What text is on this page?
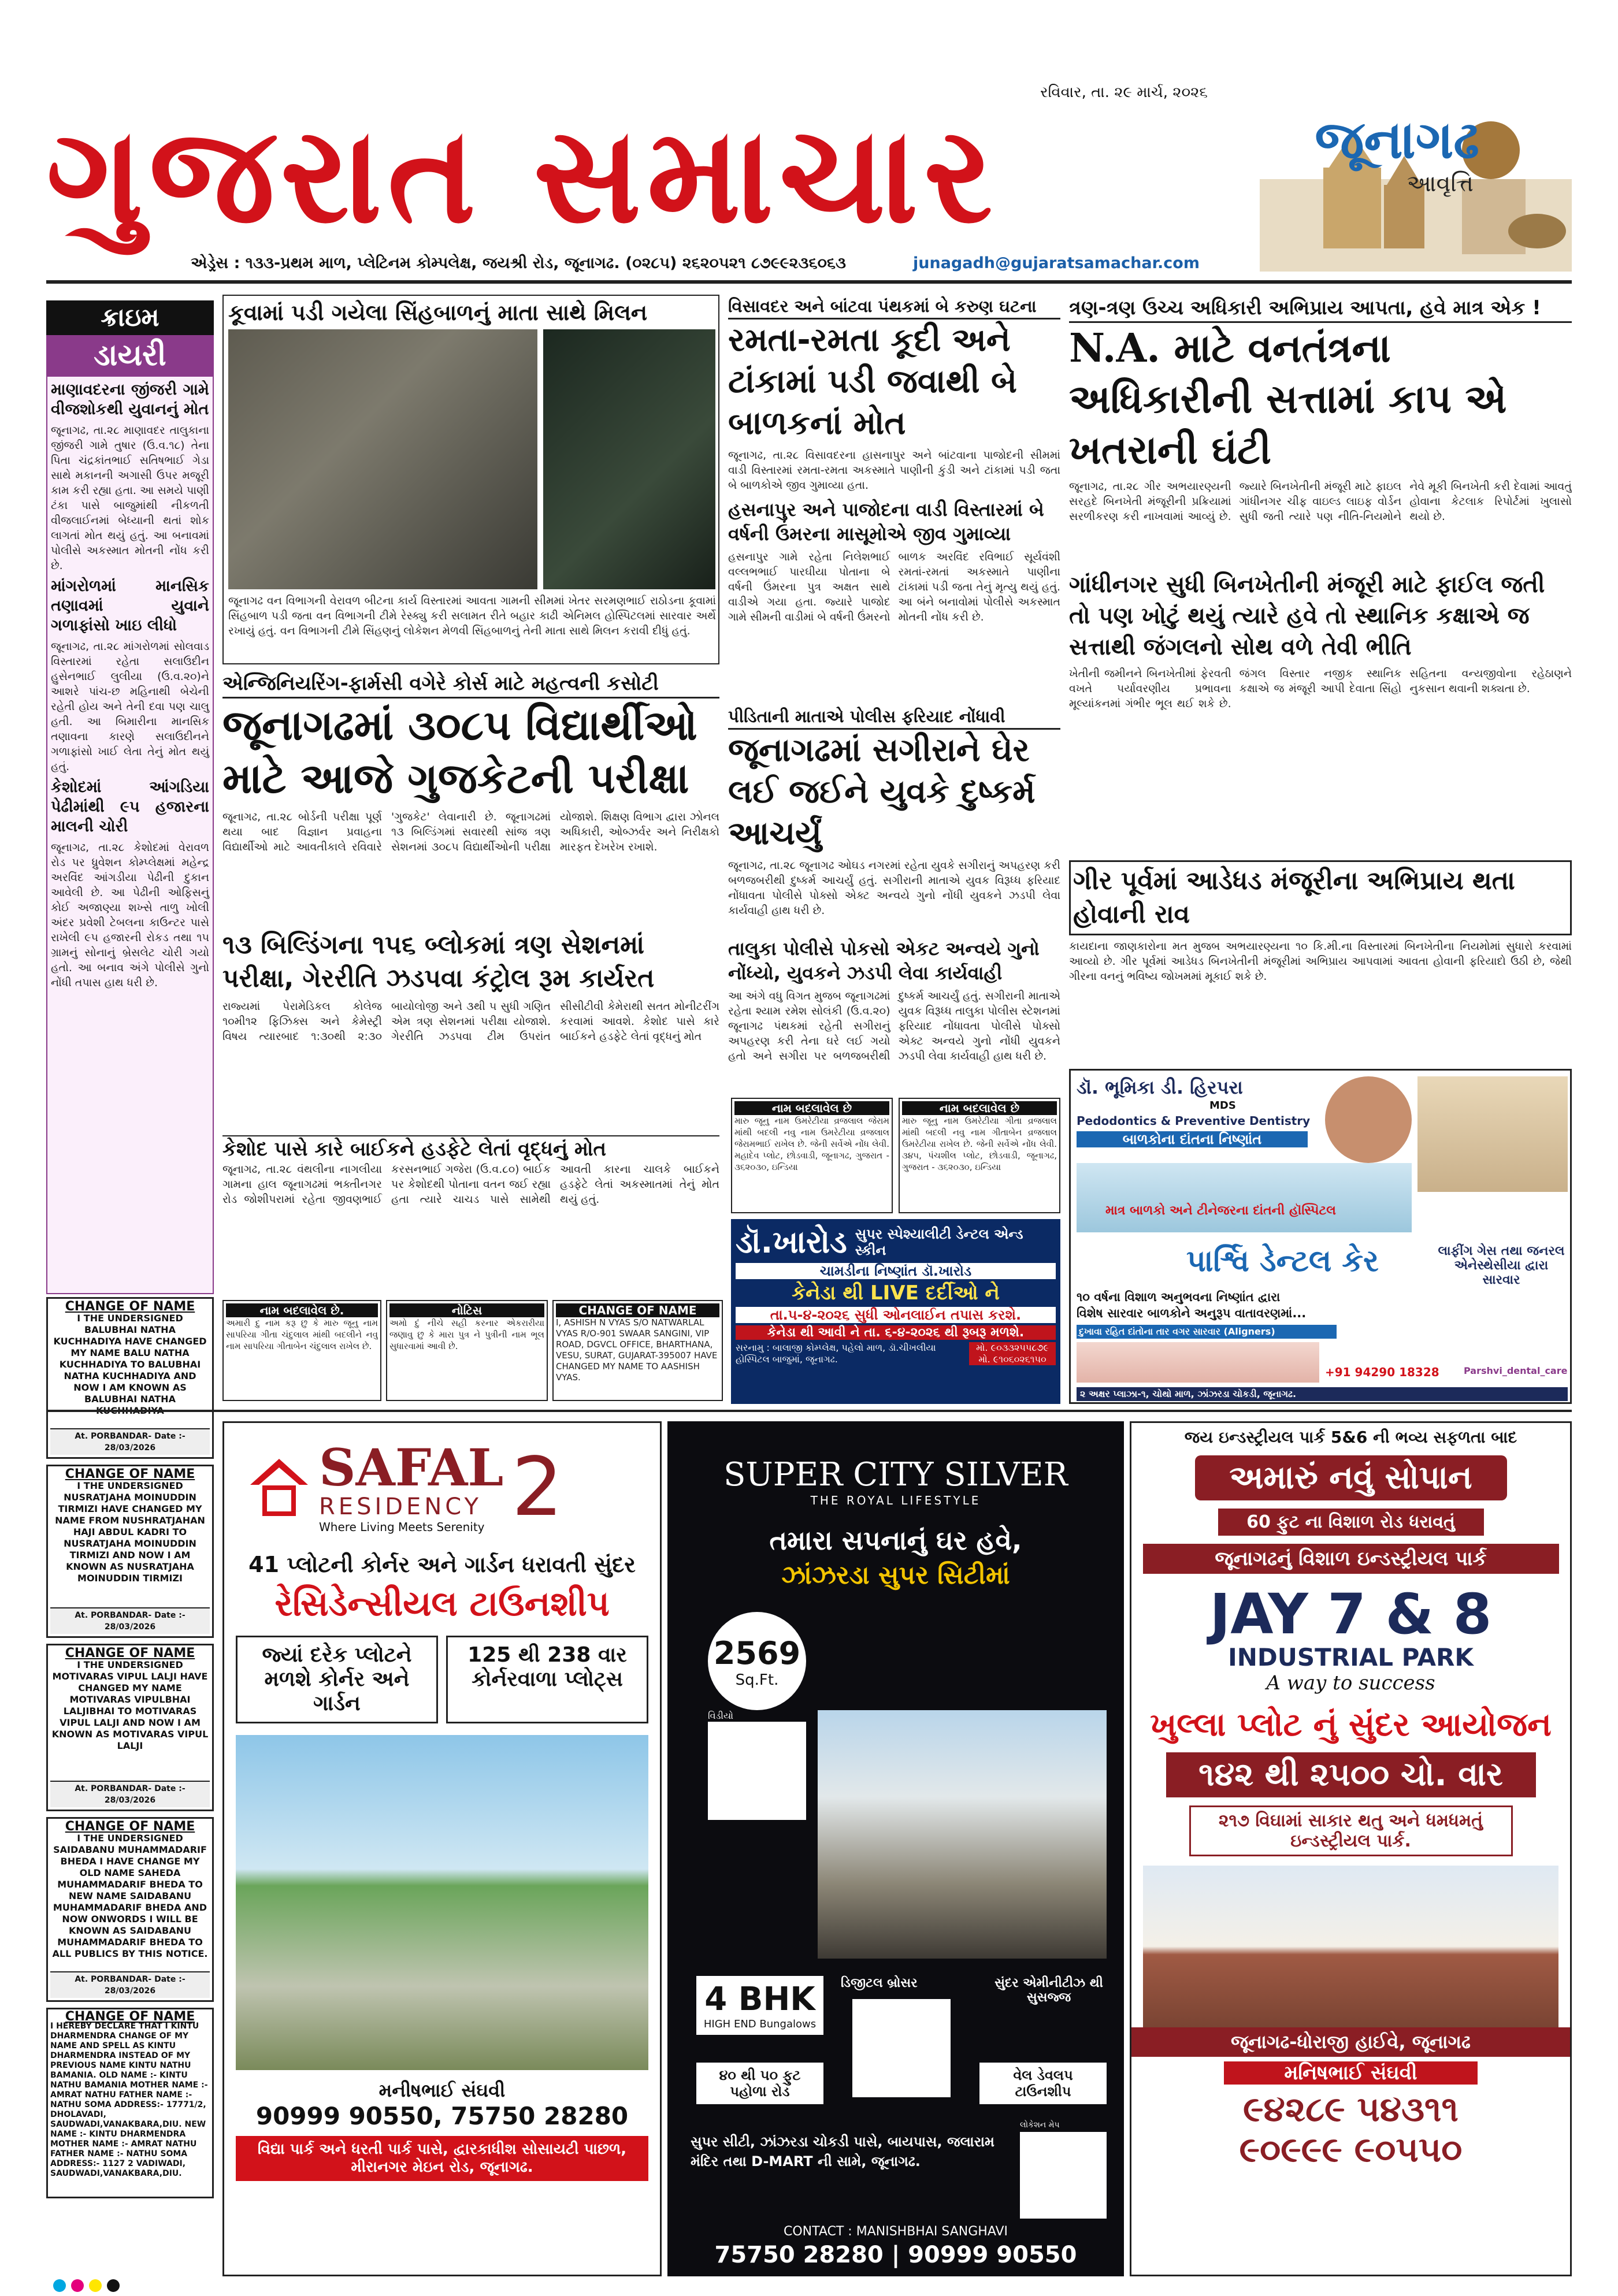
રવિવાર, તા. ૨૯ માર્ચ, ૨૦૨૬
ગુજરાત સમાચાર	જૂનાગઢ
આવૃત્તિ
એડ્રેસ : ૧૩૩-પ્રથમ માળ, પ્લેટિનમ કોમ્પલેક્ષ, જયશ્રી રોડ, જૂનાગઢ. (૦૨૮૫) ૨૬૨૦૫૨૧ ૮૭૯૯૨૩૬૦૬૩	junagadh@gujaratsamachar.com
ક્રાઇમ
ડાયરી
માણાવદરના જીંજરી ગામે વીજશોકથી યુવાનનું મોત
જૂનાગઢ, તા.૨૮ માણાવદર તાલુકાના જીંજરી ગામે તુષાર (ઉ.વ.૧૮) તેના પિતા ચંદ્રકાંતભાઈ સતિષભાઈ ગેડા સાથે મકાનની અગાસી ઉપર મજૂરી કામ કરી રહ્યા હતા. આ સમયે પાણી ટંકા પાસે બાજુમાંથી નીકળતી વીજલાઈનમાં બેધ્યાની થતાં શોક લાગતાં મોત થયું હતું. આ બનાવમાં પોલીસે અકસ્માત મોતની નોંધ કરી છે.
માંગરોળમાં માનસિક તણાવમાં યુવાને ગળાફાંસો ખાઇ લીધો
જૂનાગઢ, તા.૨૮ માંગરોળમાં સોલવાડ વિસ્તારમાં રહેતા સલાઉદીન હુસેનભાઈ લુલીયા (ઉ.વ.૨૦)ને આશરે પાંચ-છ મહિનાથી બેચેની રહેતી હોય અને તેની દવા પણ ચાલુ હતી. આ બિમારીના માનસિક તણાવના કારણે સલાઉદીનને ગળાફાંસો ખાઈ લેતા તેનું મોત થયું હતું.
કેશોદમાં આંગડિયા પેઢીમાંથી ૯૫ હજારના માલની ચોરી
જૂનાગઢ, તા.૨૮ કેશોદમાં વેરાવળ રોડ પર ધ્રુવેશન કોમ્પ્લેક્ષમાં મહેન્દ્ર અરવિંદ આંગડીયા પેઢીની દુકાન આવેલી છે. આ પેઢીની ઓફિસનું કોઈ અજાણ્યા શખ્સે તાળુ ખોલી અંદર પ્રવેશી ટેબલના કાઉન્ટર પાસે રાખેલી ૯૫ હજારની રોકડ તથા ૧૫ ગ્રામનું સોનાનું બ્રેસલેટ ચોરી ગયો હતો. આ બનાવ અંગે પોલીસે ગુનો નોંધી તપાસ હાથ ધરી છે.
CHANGE OF NAME
I THE UNDERSIGNED BALUBHAI NATHA KUCHHADIYA HAVE CHANGED MY NAME BALU NATHA KUCHHADIYA TO BALUBHAI NATHA KUCHHADIYA AND NOW I AM KNOWN AS BALUBHAI NATHA
At. PORBANDAR- Date :- 28/03/2026
CHANGE OF NAME
I THE UNDERSIGNED NUSRATJAHA MOINUDDIN TIRMIZI HAVE CHANGED MY NAME FROM NUSHRATJAHAN HAJI ABDUL KADRI TO NUSRATJAHA MOINUDDIN TIRMIZI AND NOW I AM KNOWN AS NUSRATJAHA MOINUDDIN TIRMIZI
At. PORBANDAR- Date :- 28/03/2026
CHANGE OF NAME
I THE UNDERSIGNED MOTIVARAS VIPUL LALJI HAVE CHANGED MY NAME MOTIVARAS VIPULBHAI LALJIBHAI TO MOTIVARAS VIPUL LALJI AND NOW I AM KNOWN AS MOTIVARAS VIPUL LALJI
At. PORBANDAR- Date :- 28/03/2026
CHANGE OF NAME
I THE UNDERSIGNED SAIDABANU MUHAMMADARIF BHEDA I HAVE CHANGE MY OLD NAME SAHEDA MUHAMMADARIF BHEDA TO NEW NAME SAIDABANU MUHAMMADARIF BHEDA AND NOW ONWORDS I WILL BE KNOWN AS SAIDABANU MUHAMMADARIF BHEDA TO ALL PUBLICS BY THIS NOTICE.
At. PORBANDAR- Date :- 28/03/2026
CHANGE OF NAME
I HEREBY DECLARE THAT I KINTU DHARMENDRA CHANGE OF MY NAME AND SPELL AS KINTU DHARMENDRA INSTEAD OF MY PREVIOUS NAME KINTU NATHU BAMANIA. OLD NAME :- KINTU NATHU BAMANIA MOTHER NAME :- AMRAT NATHU FATHER NAME :- NATHU SOMA ADDRESS:- 17771/2, DHOLAVADI, SAUDWADI,VANAKBARA,DIU. NEW NAME :- KINTU DHARMENDRA MOTHER NAME :- AMRAT NATHU FATHER NAME :- NATHU SOMA ADDRESS:- 1127 2 VADIWADI, SAUDWADI,VANAKBARA,DIU.
કૂવામાં પડી ગયેલા સિંહબાળનું માતા સાથે મિલન
જૂનાગઢ વન વિભાગની વેરાવળ બીટના કાર્ય વિસ્તારમાં આવતા ગામની સીમમાં ખેતર સરમણભાઈ રાઠોડના કૂવામાં સિંહબાળ પડી જતા વન વિભાગની ટીમે રેસ્ક્યુ કરી સલામત રીતે બહાર કાઢી એનિમલ હોસ્પિટલમાં સારવાર અર્થે રખાયું હતું. વન વિભાગની ટીમે સિંહણનું લોકેશન મેળવી સિંહબાળનું તેની માતા સાથે મિલન કરાવી દીધું હતું.
એન્જિનિયરિંગ-ફાર્મસી વગેરે કોર્સ માટે મહત્વની કસોટી
જૂનાગઢમાં ૩૦૮૫ વિદ્યાર્થીઓ
માટે આજે ગુજકેટની પરીક્ષા
જૂનાગઢ, તા.૨૮ બોર્ડની પરીક્ષા પૂર્ણ થયા બાદ વિજ્ઞાન પ્રવાહના વિદ્યાર્થીઓ માટે આવતીકાલે રવિવારે 'ગુજકેટ' લેવાનારી છે. જૂનાગઢમાં ૧૩ બિલ્ડિંગમાં સવારથી સાંજ ત્રણ સેશનમાં ૩૦૮૫ વિદ્યાર્થીઓની પરીક્ષા યોજાશે. શિક્ષણ વિભાગ દ્વારા ઝોનલ અધિકારી, ઓબ્ઝર્વર અને નિરીક્ષકો મારફત દેખરેખ રખાશે.
૧૩ બિલ્ડિંગના ૧૫૬ બ્લોકમાં ત્રણ સેશનમાં પરીક્ષા, ગેરરીતિ ઝડપવા કંટ્રોલ રૂમ કાર્યરત
રાજ્યમાં પેરામેડિકલ કોલેજ ૧૦મી૧૨ ફિઝિક્સ અને કેમેસ્ટ્રી વિષય ત્યારબાદ ૧:૩૦થી ૨:૩૦ બાયોલોજી અને ૩થી ૫ સુધી ગણિત એમ ત્રણ સેશનમાં પરીક્ષા યોજાશે. ગેરરીતિ ઝડપવા ટીમ ઉપરાંત સીસીટીવી કેમેરાથી સતત મોનીટરીંગ કરવામાં આવશે. કેશોદ પાસે કારે બાઈકને હડફેટે લેતાં વૃદ્ધનું મોત
કેશોદ પાસે કારે બાઈકને હડફેટે લેતાં વૃદ્ધનું મોત
જૂનાગઢ, તા.૨૮ વંથલીના નાગલીયા ગામના હાલ જૂનાગઢમાં ભક્તીનગર રોડ જોશીપરામાં રહેતા જીવણભાઈ કરસનભાઈ ગજેરા (ઉ.વ.૮૦) બાઈક પર કેશોદથી પોતાના વતન જઈ રહ્યા હતા ત્યારે ચાચડ પાસે સામેથી આવતી કારના ચાલકે બાઈકને હડફેટે લેતાં અકસ્માતમાં તેનું મોત થયું હતું.
વિસાવદર અને બાંટવા પંથકમાં બે કરુણ ઘટના
રમતા-રમતા કૂદી અને ટાંકામાં પડી જવાથી બે બાળકનાં મોત
જૂનાગઢ, તા.૨૮ વિસાવદરના હાસનાપુર અને બાંટવાના પાજોદની સીમમાં વાડી વિસ્તારમાં રમતા-રમતા અકસ્માતે પાણીની કુંડી અને ટાંકામાં પડી જતા બે બાળકોએ જીવ ગુમાવ્યા હતા.
હસનાપુર અને પાજોદના વાડી વિસ્તારમાં બે વર્ષની ઉંમરના માસૂમોએ જીવ ગુમાવ્યા
હસનાપુર ગામે રહેતા નિલેશભાઈ વલ્લભભાઈ પારઘીયા પોતાના બે વર્ષની ઉંમરના પુત્ર અક્ષત સાથે વાડીએ ગયા હતા. જ્યારે પાજોદ ગામે સીમની વાડીમાં બે વર્ષની ઉંમરનો બાળક અરવિંદ રવિભાઈ સૂર્યવંશી રમતાં-રમતાં અકસ્માતે પાણીના ટાંકામાં પડી જતા તેનું મૃત્યુ થયું હતું. આ બંને બનાવોમાં પોલીસે અકસ્માત મોતની નોંધ કરી છે.
પીડિતાની માતાએ પોલીસ ફરિયાદ નોંધાવી
જૂનાગઢમાં સગીરાને ઘેર લઈ જઈને યુવકે દુષ્કર્મ આચર્યું
જૂનાગઢ, તા.૨૮ જૂનાગઢ ઓઘડ નગરમાં રહેતા યુવકે સગીરાનું અપહરણ કરી બળજબરીથી દુષ્કર્મ આચર્યું હતું. સગીરાની માતાએ યુવક વિરૂધ્ધ ફરિયાદ નોંધાવતા પોલીસે પોક્સો એક્ટ અન્વયે ગુનો નોંધી યુવકને ઝડપી લેવા કાર્યવાહી હાથ ધરી છે.
તાલુકા પોલીસે પોકસો એકટ અન્વયે ગુનો નોંધ્યો, યુવકને ઝડપી લેવા કાર્યવાહી
આ અંગે વધુ વિગત મુજબ જૂનાગઢમાં રહેતા શ્યામ રમેશ સોલંકી (ઉ.વ.૨૦) જૂનાગઢ પંથકમાં રહેતી સગીરાનું અપહરણ કરી તેના ઘરે લઈ ગયો હતો અને સગીરા પર બળજબરીથી દુષ્કર્મ આચર્યું હતું. સગીરાની માતાએ યુવક વિરૂધ્ધ તાલુકા પોલીસ સ્ટેશનમાં ફરિયાદ નોંધાવતા પોલીસે પોક્સો એક્ટ અન્વયે ગુનો નોંધી યુવકને ઝડપી લેવા કાર્યવાહી હાથ ધરી છે.
નામ બદલાવેલ છે
મારુ જૂનુ નામ ઉમરેટીયા વ્રજલાલ જેરામ માંથી બદલી નવુ નામ ઉમરેટીયા વ્રજલાલ જેરામભાઈ રાખેલ છે. જેની સર્વેએ નોંધ લેવી. મહાદેવ પ્લોટ, છોડવાડી, જૂનાગઢ, ગુજરાત - ૩૬૨૦૩૦, ઇન્ડિયા
નામ બદલાવેલ છે
મારુ જૂનુ નામ ઉમરેટીયા ગીતા વ્રજલાલ માંથી બદલી નવુ નામ ગીતાબેન વ્રજલાલ ઉમરેટીયા રાખેલ છે. જેની સર્વેએ નોંધ લેવી. ૩૪૫, પંચશીલ પ્લોટ, છોડવાડી, જૂનાગઢ, ગુજરાત - ૩૬૨૦૩૦, ઇન્ડિયા
ડૉ.ખારોડ સુપર સ્પેશ્યાલીટી ડેન્ટલ એન્ડ સ્કીન
ચામડીના નિષ્ણાંત ડૉ.ખારોડ
કેનેડા થી LIVE દર્દીઓ ને
તા.૫-૪-૨૦૨૬ સુધી ઓનલાઈન તપાસ કરશે.
કેનેડા થી આવી ને તા. ૬-૪-૨૦૨૬ થી રૂબરૂ મળશે.
સરનામુ : બાલાજી કોમ્પ્લેક્ષ, પહેલો માળ, ડૉ.ચીખલીયા હોસ્પિટલ બાજુમાં, જૂનાગઢ.
મો. ૯૦૩૩૨૫૫૮૭૯
મો. ૯૧૦૬૦૨૬૧૫૦
નામ બદલાવેલ છે.
અમારી દુ નામ કરૂ છુ કે મારુ જૂનુ નામ સાપરિયા ગીતા ચંદુલાલ માંથી બદલીને નવુ નામ સાપરિયા ગીતાબેન ચંદુલાલ રાખેલ છે.
નોટિસ
અમો દું નીચે સહી કરનાર એકરારીયા જણાવુ છુ કે મારા પુત્ર ને પુત્રીની નામ ભૂલ સુધારવામાં આવી છે.
CHANGE OF NAME
I, ASHISH N VYAS S/O NATWARLAL VYAS R/O-901 SWAAR SANGINI, VIP ROAD, DGVCL OFFICE, BHARTHANA, VESU, SURAT, GUJARAT-395007 HAVE CHANGED MY NAME TO AASHISH VYAS.
ત્રણ-ત્રણ ઉચ્ચ અધિકારી અભિપ્રાય આપતા, હવે માત્ર એક !
N.A. માટે વનતંત્રના અધિકારીની સત્તામાં કાપ એ ખતરાની ઘંટી
જૂનાગઢ, તા.૨૮ ગીર અભયારણ્યની સરહદે બિનખેતી મંજૂરીની પ્રક્રિયામાં સરળીકરણ કરી નાખવામાં આવ્યું છે. જ્યારે બિનખેતીની મંજૂરી માટે ફાઇલ ગાંધીનગર ચીફ વાઇલ્ડ લાઇફ વોર્ડન સુધી જતી ત્યારે પણ નીતિ-નિયમોને નેવે મૂકી બિનખેતી કરી દેવામાં આવતું હોવાના કેટલાક રિપોર્ટમાં ખુલાસો થયો છે.
ગાંધીનગર સુધી બિનખેતીની મંજૂરી માટે ફાઈલ જતી તો પણ ખોટું થયું ત્યારે હવે તો સ્થાનિક કક્ષાએ જ સત્તાથી જંગલનો સોથ વળે તેવી ભીતિ
ખેતીની જમીનને બિનખેતીમાં ફેરવતી વખતે પર્યાવરણીય પ્રભાવના મૂલ્યાંકનમાં ગંભીર ભૂલ થઈ શકે છે. જંગલ વિસ્તાર નજીક સ્થાનિક કક્ષાએ જ મંજૂરી આપી દેવાતા સિંહો સહિતના વન્યજીવોના રહેઠાણને નુકસાન થવાની શક્યતા છે.
ગીર પૂર્વમાં આડેધડ મંજૂરીના અભિપ્રાય થતા હોવાની રાવ
કાયદાના જાણકારોના મત મુજબ અભયારણ્યના ૧૦ કિ.મી.ના વિસ્તારમાં બિનખેતીના નિયમોમાં સુધારો કરવામાં આવ્યો છે. ગીર પૂર્વમાં આડેધડ બિનખેતીની મંજૂરીમાં અભિપ્રાય આપવામાં આવતા હોવાની ફરિયાદો ઉઠી છે, જેથી ગીરના વનનું ભવિષ્ય જોખમમાં મૂકાઈ શકે છે.
ડૉ. ભૂમિકા ડી. હિરપરા
MDS
Pedodontics & Preventive Dentistry
બાળકોના દાંતના નિષ્ણાંત
માત્ર બાળકો અને ટીનેજરના દાંતની હૉસ્પિટલ
પાર્શ્વિ ડેન્ટલ કેર	લાફીંગ ગેસ તથા જનરલ એનેસ્થેસીયા દ્વારા સારવાર
૧૦ વર્ષના વિશાળ અનુભવના નિષ્ણાંત દ્વારા
વિશેષ સારવાર બાળકોને અનુરૂપ વાતાવરણમાં...
દુખાવા રહિત દાંતોના તાર વગર સારવાર (Aligners)
૨ અક્ષર પ્લાઝા-૧, ચોથો માળ, ઝાંઝરડા ચોકડી, જૂનાગઢ.
+91 94290 18328	Parshvi_dental_care
SAFAL
RESIDENCY
Where Living Meets Serenity 2
41 પ્લોટની કોર્નર અને ગાર્ડન ધરાવતી સુંદર
રેસિડેન્સીયલ ટાઉનશીપ
જ્યાં દરેક પ્લોટને મળશે કોર્નર અને ગાર્ડન
125 થી 238 વાર કોર્નરવાળા પ્લોટ્સ
મનીષભાઈ સંઘવી
90999 90550, 75750 28280
વિદ્યા પાર્ક અને ધરતી પાર્ક પાસે, દ્વારકાધીશ સોસાયટી પાછળ, મીરાનગર મેઇન રોડ, જૂનાગઢ.
SUPER CITY SILVER
THE ROYAL LIFESTYLE
તમારા સપનાનું ઘર હવે,
ઝાંઝરડા સુપર સિટીમાં
2569
Sq.Ft.
વિડીયો
4 BHK
HIGH END Bungalows
ડિજીટલ બ્રોસર	સુંદર એમીનીટીઝ થી સુસજ્જ
૪૦ થી ૫૦ ફુટ પહોળા રોડ
વેલ ડેવલપ ટાઉનશીપ
સુપર સીટી, ઝાંઝરડા ચોકડી પાસે, બાયપાસ, જલારામ મંદિર તથા D-MART ની સામે, જૂનાગઢ.
લોકેશન મેપ
CONTACT : MANISHBHAI SANGHAVI
75750 28280 | 90999 90550
જય ઇન્ડસ્ટ્રીયલ પાર્ક 5&6 ની ભવ્ય સફળતા બાદ
અમારું નવું સોપાન
60 ફુટ ના વિશાળ રોડ ધરાવતું
જૂનાગઢનું વિશાળ ઇન્ડસ્ટ્રીયલ પાર્ક
JAY 7 & 8
INDUSTRIAL PARK
A way to success
ખુલ્લા પ્લોટ નું સુંદર આયોજન
૧૪૨ થી ૨૫૦૦ ચો. વાર
૨૧૭ વિઘામાં સાકાર થતુ અને ધમધમતું ઇન્ડસ્ટ્રીયલ પાર્ક.
જૂનાગઢ-ધોરાજી હાઈવે, જૂનાગઢ
મનિષભાઈ સંઘવી
૯૪૨૮૯ ૫૪૩૧૧
૯૦૯૯૯ ૯૦૫૫૦
